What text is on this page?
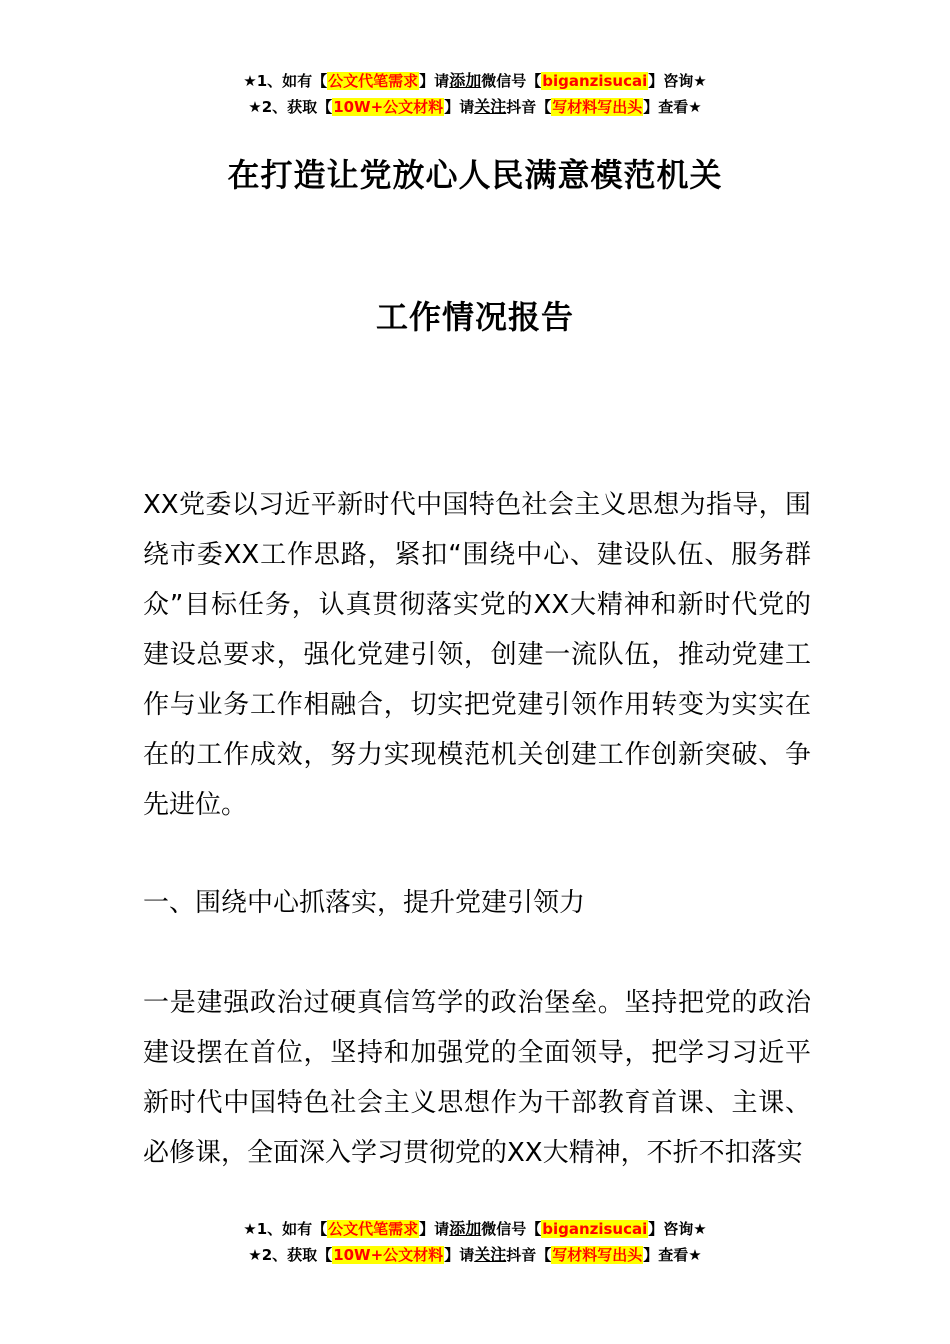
★1、如有【公文代笔需求】请添加微信号【biganzisucai】咨询★
★2、获取【10W+公文材料】请关注抖音【写材料写出头】查看★
在打造让党放心人民满意模范机关
工作情况报告
XX党委以习近平新时代中国特色社会主义思想为指导，围绕市委XX工作思路，紧扣“围绕中心、建设队伍、服务群众”目标任务，认真贯彻落实党的XX大精神和新时代党的建设总要求，强化党建引领，创建一流队伍，推动党建工作与业务工作相融合，切实把党建引领作用转变为实实在在的工作成效，努力实现模范机关创建工作创新突破、争先进位。
一、围绕中心抓落实，提升党建引领力
一是建强政治过硬真信笃学的政治堡垒。坚持把党的政治建设摆在首位，坚持和加强党的全面领导，把学习习近平新时代中国特色社会主义思想作为干部教育首课、主课、必修课，全面深入学习贯彻党的XX大精神，不折不扣落实
★1、如有【公文代笔需求】请添加微信号【biganzisucai】咨询★
★2、获取【10W+公文材料】请关注抖音【写材料写出头】查看★
